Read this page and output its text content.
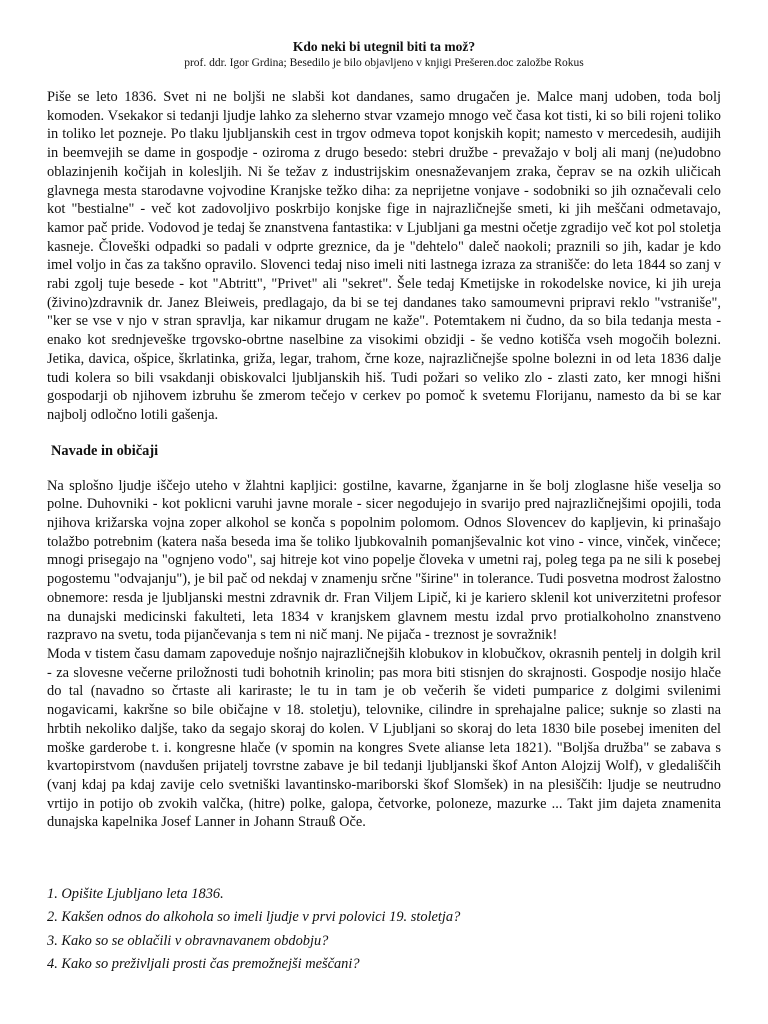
Kdo neki bi utegnil biti ta mož?

prof. ddr. Igor Grdina; Besedilo je bilo objavljeno v knjigi Prešeren.doc založbe Rokus

Piše se leto 1836. Svet ni ne boljši ne slabši kot dandanes, samo drugačen je. Malce manj udoben, toda bolj komoden. Vsekakor si tedanji ljudje lahko za sleherno stvar vzamejo mnogo več časa kot tisti, ki so bili rojeni toliko in toliko let pozneje. Po tlaku ljubljanskih cest in trgov odmeva topot konjskih kopit; namesto v mercedesih, audijih in beemvejih se dame in gospodje - oziroma z drugo besedo: stebri družbe - prevažajo v bolj ali manj (ne)udobno oblazinjenih kočijah in kolesljih. Ni še težav z industrijskim onesnaževanjem zraka, čeprav se na ozkih uličicah glavnega mesta starodavne vojvodine Kranjske težko diha: za neprijetne vonjave - sodobniki so jih označevali celo kot "bestialne" - več kot zadovoljivo poskrbijo konjske fige in najrazličnejše smeti, ki jih meščani odmetavajo, kamor pač pride. Vodovod je tedaj še znanstvena fantastika: v Ljubljani ga mestni očetje zgradijo več kot pol stoletja kasneje. Človeški odpadki so padali v odprte greznice, da je "dehtelo" daleč naokoli; praznili so jih, kadar je kdo imel voljo in čas za takšno opravilo. Slovenci tedaj niso imeli niti lastnega izraza za stranišče: do leta 1844 so zanj v rabi zgolj tuje besede - kot "Abtritt", "Privet" ali "sekret". Šele tedaj Kmetijske in rokodelske novice, ki jih ureja (živino)zdravnik dr. Janez Bleiweis, predlagajo, da bi se tej dandanes tako samoumevni pripravi reklo "vstraniše", "ker se vse v njo v stran spravlja, kar nikamur drugam ne kaže". Potemtakem ni čudno, da so bila tedanja mesta - enako kot srednjeveške trgovsko-obrtne naselbine za visokimi obzidji - še vedno kotišča vseh mogočih bolezni. Jetika, davica, ošpice, škrlatinka, griža, legar, trahom, črne koze, najrazličnejše spolne bolezni in od leta 1836 dalje tudi kolera so bili vsakdanji obiskovalci ljubljanskih hiš. Tudi požari so veliko zlo - zlasti zato, ker mnogi hišni gospodarji ob njihovem izbruhu še zmerom tečejo v cerkev po pomoč k svetemu Florijanu, namesto da bi se kar najbolj odločno lotili gašenja.

Navade in običaji

Na splošno ljudje iščejo uteho v žlahtni kapljici: gostilne, kavarne, žganjarne in še bolj zloglasne hiše veselja so polne. Duhovniki - kot poklicni varuhi javne morale - sicer negodujejo in svarijo pred najrazličnejšimi opojili, toda njihova križarska vojna zoper alkohol se konča s popolnim polomom. Odnos Slovencev do kapljevin, ki prinašajo tolažbo potrebnim (katera naša beseda ima še toliko ljubkovalnih pomanjševalnic kot vino - vince, vinček, vinčece; mnogi prisegajo na "ognjeno vodo", saj hitreje kot vino popelje človeka v umetni raj, poleg tega pa ne sili k posebej pogostemu "odvajanju"), je bil pač od nekdaj v znamenju srčne "širine" in tolerance. Tudi posvetna modrost žalostno obnemore: resda je ljubljanski mestni zdravnik dr. Fran Viljem Lipič, ki je kariero sklenil kot univerzitetni profesor na dunajski medicinski fakulteti, leta 1834 v kranjskem glavnem mestu izdal prvo protialkoholno znanstveno razpravo na svetu, toda pijančevanja s tem ni nič manj. Ne pijača - treznost je sovražnik!

Moda v tistem času damam zapoveduje nošnjo najrazličnejših klobukov in klobučkov, okrasnih pentelj in dolgih kril - za slovesne večerne priložnosti tudi bohotnih krinolin; pas mora biti stisnjen do skrajnosti. Gospodje nosijo hlače do tal (navadno so črtaste ali kariraste; le tu in tam je ob večerih še videti pumparice z dolgimi svilenimi nogavicami, kakršne so bile običajne v 18. stoletju), telovnike, cilindre in sprehajalne palice; suknje so zlasti na hrbtih nekoliko daljše, tako da segajo skoraj do kolen. V Ljubljani so skoraj do leta 1830 bile posebej imeniten del moške garderobe t. i. kongresne hlače (v spomin na kongres Svete alianse leta 1821). "Boljša družba" se zabava s kvartopirstvom (navdušen prijatelj tovrstne zabave je bil tedanji ljubljanski škof Anton Alojzij Wolf), v gledališčih (vanj kdaj pa kdaj zavije celo svetniški lavantinsko-mariborski škof Slomšek) in na plesiščih: ljudje se neutrudno vrtijo in potijo ob zvokih valčka, (hitre) polke, galopa, četvorke, poloneze, mazurke ... Takt jim dajeta znamenita dunajska kapelnika Josef Lanner in Johann Strauß Oče.

1. Opišite Ljubljano leta 1836.
2. Kakšen odnos do alkohola so imeli ljudje v prvi polovici 19. stoletja?
3. Kako so se oblačili v obravnavanem obdobju?
4. Kako so preživljali prosti čas premožnejši meščani?
